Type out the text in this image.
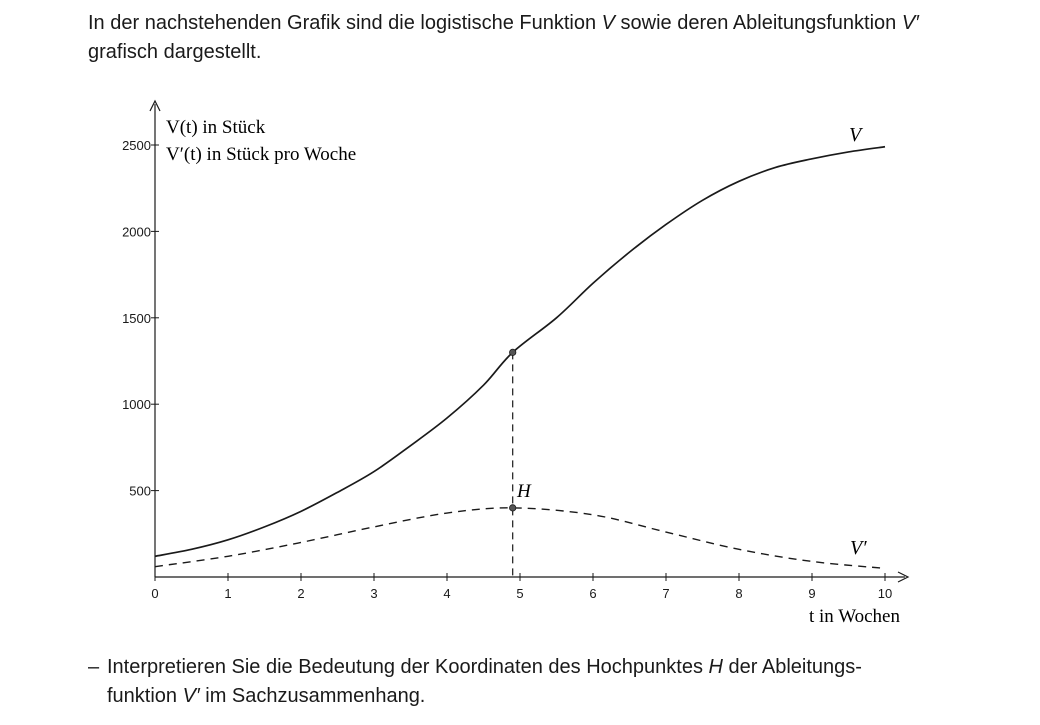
In der nachstehenden Grafik sind die logistische Funktion V sowie deren Ableitungsfunktion V′
grafisch dargestellt.
0	1	2	3	4	5	6	7	8	9	10
500
1000
1500
2000
2500
V(t) in Stück
V′(t) in Stück pro Woche
t in Wochen
V
V′
H
– Interpretieren Sie die Bedeutung der Koordinaten des Hochpunktes H der Ableitungs-
funktion V′ im Sachzusammenhang.
